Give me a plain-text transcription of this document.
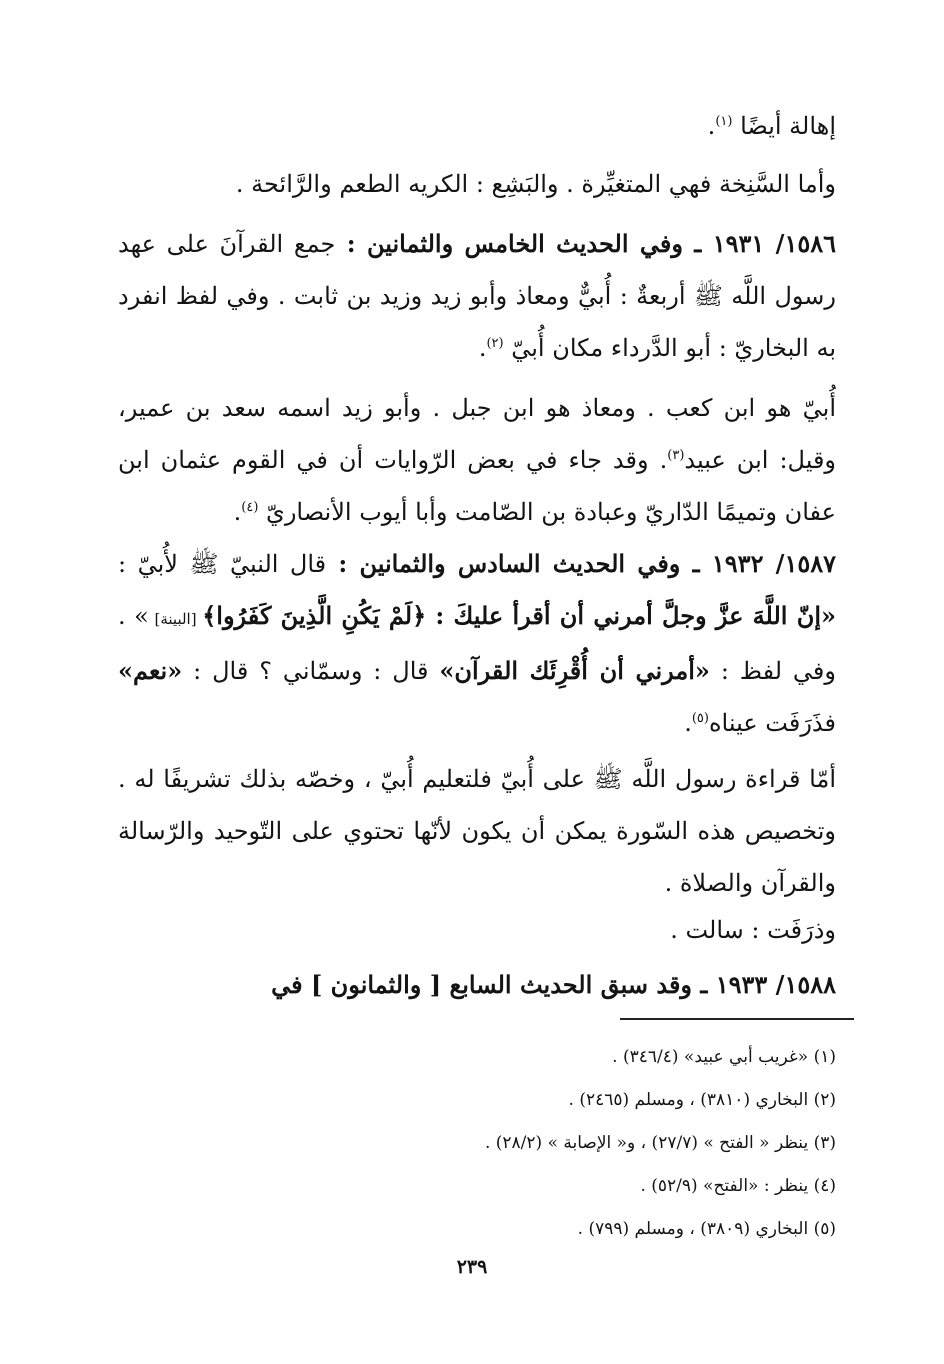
إهالة أيضًا $^{(١)}$.

وأما السَّنِخة فهي المتغيِّرة . والبَشِع : الكريه الطعم والرَّائحة .

١٥٨٦/ ١٩٣١ ـ وفي الحديث الخامس والثمانين : جمع القرآنَ على عهد رسول اللَّه ﷺ أربعةٌ : أُبيٌّ ومعاذ وأبو زيد وزيد بن ثابت . وفي لفظ انفرد به البخاريّ : أبو الدَّرداء مكان أُبيّ $^{(٢)}$.

أُبيّ هو ابن كعب . ومعاذ هو ابن جبل . وأبو زيد اسمه سعد بن عمير، وقيل: ابن عبيد$^{(٣)}$. وقد جاء في بعض الرّوايات أن في القوم عثمان ابن عفان وتميمًا الدّاريّ وعبادة بن الصّامت وأبا أيوب الأنصاريّ $^{(٤)}$.

١٥٨٧/ ١٩٣٢ ـ وفي الحديث السادس والثمانين : قال النبيّ ﷺ لأُبيّ : «إنّ اللَّهَ عزَّ وجلَّ أمرني أن أقرأ عليكَ : ﴿لَمْ يَكُنِ الَّذِينَ كَفَرُوا﴾ [البينة] » . وفي لفظ : «أمرني أن أُقْرِئَك القرآن» قال : وسمّاني ؟ قال : «نعم» فذَرَفَت عيناه$^{(٥)}$.

أمّا قراءة رسول اللَّه ﷺ على أُبيّ فلتعليم أُبيّ ، وخصّه بذلك تشريفًا له . وتخصيص هذه السّورة يمكن أن يكون لأنّها تحتوي على التّوحيد والرّسالة والقرآن والصلاة .

وذرَفَت : سالت .

١٥٨٨/ ١٩٣٣ ـ وقد سبق الحديث السابع [ والثمانون ] في

(١) «غريب أبي عبيد» (٣٤٦/٤) .

(٢) البخاري (٣٨١٠) ، ومسلم (٢٤٦٥) .

(٣) ينظر « الفتح » (٢٧/٧) ، و« الإصابة » (٢٨/٢) .

(٤) ينظر : «الفتح» (٥٢/٩) .

(٥) البخاري (٣٨٠٩) ، ومسلم (٧٩٩) .

٢٣٩
